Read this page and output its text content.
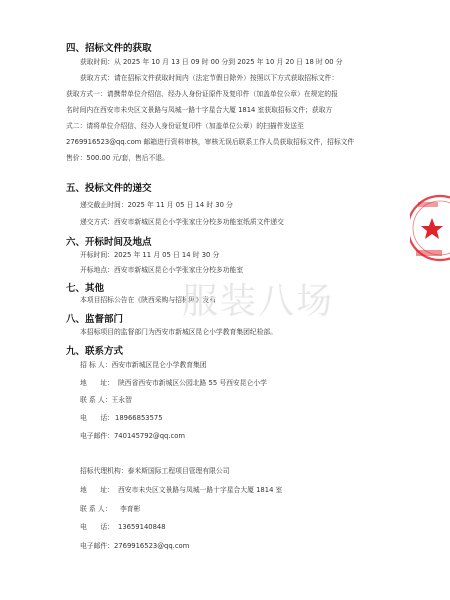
四、招标文件的获取
获取时间：从 2025 年 10 月 13 日 09 时 00 分到 2025 年 10 月 20 日 18 时 00 分
获取方式：请在招标文件获取时间内（法定节假日除外）按照以下方式获取招标文件：
获取方式一：请携带单位介绍信、经办人身份证原件及复印件（加盖单位公章）在规定的报
名时间内在西安市未央区文景路与凤城一路十字星合大厦 1814 室获取招标文件；获取方
式二：请将单位介绍信、经办人身份证复印件（加盖单位公章）的扫描件发送至
2769916523@qq.com 邮箱进行资料审核，审核无误后联系工作人员获取招标文件，招标文件
售价：500.00 元/套，售后不退。
五、投标文件的递交
递交截止时间：2025 年 11 月 05 日 14 时 30 分
递交方式：西安市新城区昆仑小学张家庄分校多功能室纸质文件递交
六、开标时间及地点
开标时间：2025 年 11 月 05 日 14 时 30 分
开标地点：西安市新城区昆仑小学张家庄分校多功能室
七、其他
本项目招标公告在《陕西采购与招标网》发布
八、监督部门
本招标项目的监督部门为西安市新城区昆仑小学教育集团纪检部。
九、联系方式
招 标 人：西安市新城区昆仑小学教育集团
地　　址： 陕西省西安市新城区公园北路 55 号西安昆仑小学
联 系 人：王永智
电　　话：18966853575
电子邮件：740145792@qq.com
招标代理机构：泰米斯国际工程项目管理有限公司
地　　址： 西安市未央区文景路与凤城一路十字星合大厦 1814 室
联 系 人： 李育彬
电　　话： 13659140848
电子邮件：2769916523@qq.com
服装八场
